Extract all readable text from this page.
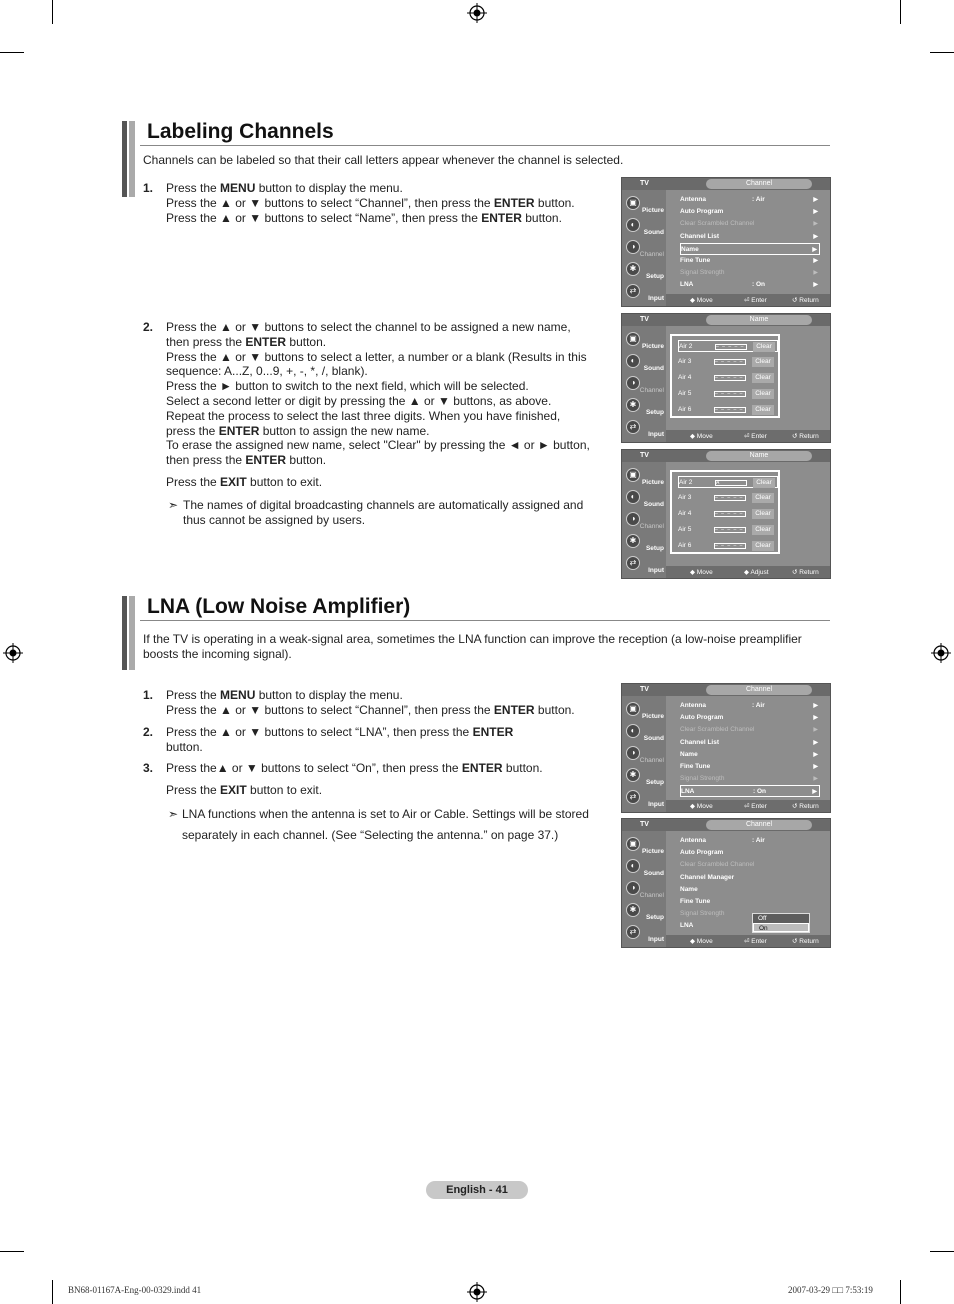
Labeling Channels
Channels can be labeled so that their call letters appear whenever the channel is selected.
1. Press the MENU button to display the menu.
Press the ▲ or ▼ buttons to select “Channel”, then press the ENTER button.
Press the ▲ or ▼ buttons to select “Name”, then press the ENTER button.
2. Press the ▲ or ▼ buttons to select the channel to be assigned a new name,
then press the ENTER button.
Press the ▲ or ▼ buttons to select a letter, a number or a blank (Results in this
sequence: A...Z, 0...9, +, -, *, /, blank).
Press the ► button to switch to the next field, which will be selected.
Select a second letter or digit by pressing the ▲ or ▼ buttons, as above.
Repeat the process to select the last three digits. When you have finished,
press the ENTER button to assign the new name.
To erase the assigned new name, select "Clear" by pressing the ◄ or ► button,
then press the ENTER button.
Press the EXIT button to exit.
➣ The names of digital broadcasting channels are automatically assigned and
thus cannot be assigned by users.
LNA (Low Noise Amplifier)
If the TV is operating in a weak-signal area, sometimes the LNA function can improve the reception (a low-noise preamplifier
boosts the incoming signal).
1. Press the MENU button to display the menu.
Press the ▲ or ▼ buttons to select “Channel”, then press the ENTER button.
2. Press the ▲ or ▼ buttons to select “LNA”, then press the ENTER
button.
3. Press the▲ or ▼ buttons to select “On”, then press the ENTER button.
Press the EXIT button to exit.
➣ LNA functions when the antenna is set to Air or Cable. Settings will be stored
separately in each channel. (See “Selecting the antenna.” on page 37.)
TV	Channel
▣
Picture
◐
Sound
◑
Channel
✱
Setup
⇄
Input	◆ Move	⏎ Enter	↺ Return
Antenna	: Air	▶
Auto Program	▶
Clear Scrambled Channel	▶
Channel List	▶
Name	▶
Fine Tune	▶
Signal Strength	▶
LNA	: On	▶
TV	Name
▣
Picture
◐
Sound
◑
Channel
✱
Setup
⇄
Input	◆ Move	⏎ Enter	↺ Return
Air 2	– – – – –	Clear
Air 3	– – – – –	Clear
Air 4	– – – – –	Clear
Air 5	– – – – –	Clear
Air 6	– – – – –	Clear
TV	Name
▣
Picture
◐
Sound
◑
Channel
✱
Setup
⇄
Input	◆ Move	◆ Adjust	↺ Return
Air 2	A	Clear
Air 3	– – – – –	Clear
Air 4	– – – – –	Clear
Air 5	– – – – –	Clear
Air 6	– – – – –	Clear
TV	Channel
▣
Picture
◐
Sound
◑
Channel
✱
Setup
⇄
Input	◆ Move	⏎ Enter	↺ Return
Antenna	: Air	▶
Auto Program	▶
Clear Scrambled Channel	▶
Channel List	▶
Name	▶
Fine Tune	▶
Signal Strength	▶
LNA	: On	▶
TV	Channel
▣
Picture
◐
Sound
◑
Channel
✱
Setup
⇄
Input	◆ Move	⏎ Enter	↺ Return
Antenna	: Air
Auto Program
Clear Scrambled Channel
Channel Manager
Name
Fine Tune
Signal Strength
LNA
Off
On
English - 41
BN68-01167A-Eng-00-0329.indd 41	2007-03-29 □□ 7:53:19
